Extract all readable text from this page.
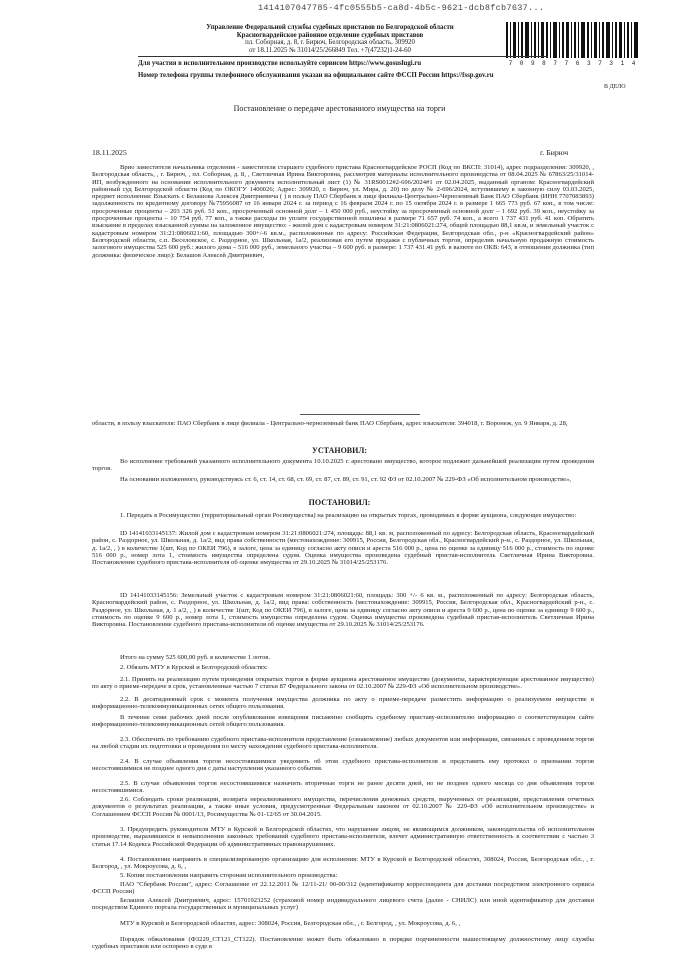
1414107047785-4fc0555b5-ca8d-4b5c-9621-dcb8fcb7637...
Управление Федеральной службы судебных приставов по Белгородской области
Красногвардейское районное отделение судебных приставов
пл. Соборная, д. 8, г. Бирюч, Белгородская область, 309920
от 18.11.2025 № 31014/25/266849 Тел. +7(47232)1-24-60
7 0 9 8 7 7 6 3 7 3 1 4
Для участия в исполнительном производстве используйте сервисом https://www.gosuslugi.ru
Номер телефона группы телефонного обслуживания указан на официальном сайте ФССП России https://fssp.gov.ru
В ДЕЛО
Постановление о передаче арестованного имущества на торги
18.11.2025	г. Бирюч
Врио заместителя начальника отделения - заместителя старшего судебного пристава Красногвардейское РОСП (Код по ВКСП: 31014), адрес подразделения: 309920, , Белгородская область, , г. Бирюч, , пл. Соборная, д. 8, , Светличная Ирина Викторовна, рассмотрев материалы исполнительного производства от 08.04.2025 № 67863/25/31014-ИП, возбужденного на основании исполнительного документа исполнительный лист (1) № 31RS0012#2-696/2024#1 от 02.04.2025, выданный органом: Красногвардейский районный суд Белгородской области (Код по ОКОГУ 1400026; Адрес: 309920, г. Бирюч, ул. Мира, д. 20) по делу № 2-696/2024, вступившему в законную силу 03.03.2025, предмет исполнения: Взыскать с Белашова Алексея Дмитриевича ( ) в пользу ПАО Сбербанк в лице филиала-Центрально-Черноземный Банк ПАО Сбербанк (ИНН 7707083893) задолженность по кредитному договору №75956087 от 16 января 2024 г. за период с 16 февраля 2024 г. по 15 октября 2024 г. в размере 1 665 773 руб. 67 коп., в том числе: просроченные проценты – 203 326 руб. 51 коп., просроченный основной долг – 1 450 000 руб., неустойку за просроченный основной долг – 1 692 руб. 39 коп., неустойку за просроченные проценты – 10 754 руб. 77 коп., а также расходы по уплате государственной пошлины в размере 71 657 руб. 74 коп., а всего 1 737 431 руб. 41 коп. Обратить взыскание в пределах взысканной суммы на заложенное имущество: - жилой дом с кадастровым номером 31:21:0806021:274, общей площадью 88,1 кв.м, и земельный участок с кадастровым номером 31:21:0806021:60, площадью 300+/-6 кв.м., расположенные по адресу: Российская Федерация, Белгородская обл., р-н «Красногвардейский район» Белгородской области, с.п. Веселовское, с. Раздорное, ул. Школьная, 1а/2, реализовав его путем продажи с публичных торгов, определив начальную продажную стоимость залогового имущества 525 600 руб.: жилого дома – 516 000 руб., земельного участка – 9 600 руб. в размере: 1 737 431.41 руб. в валюте по ОКВ: 643, в отношении должника (тип должника: физическое лицо): Белашов Алексей Дмитриевич,
области, в пользу взыскателя: ПАО Сбербанк в лице филиала - Центрально-черноземный банк ПАО Сбербанк, адрес взыскателя: 394018, г. Воронеж, ул. 9 Января, д. 28,
УСТАНОВИЛ:
Во исполнение требований указанного исполнительного документа 10.10.2025 г. арестовано имущество, которое подлежит дальнейшей реализации путем проведения торгов.
На основании изложенного, руководствуясь ст. 6, ст. 14, ст. 68, ст. 69, ст. 87, ст. 89, ст. 91, ст. 92 ФЗ от 02.10.2007 № 229-ФЗ «Об исполнительном производстве»,
ПОСТАНОВИЛ:
1. Передать в Росимущество (территориальный орган Росимущества) на реализацию на открытых торгах, проводимых в форме аукциона, следующее имущество:
ID 14141033145137: Жилой дом с кадастровым номером 31:21:0806021:274, площадь: 88,1 кв. м, расположенный по адресу: Белгородская область, Красногвардейский район, с. Раздорное, ул. Школьная, д. 1а/2, вид права собственности (местонахождение: 309915, Россия, Белгородская обл., Красногвардейский р-н., с. Раздорное, ул. Школьная, д. 1а/2, , ) в количестве 1(шт, Код по ОКЕИ 796), в залоге, цена за единицу согласно акту описи и ареста 516 000 р., цена по оценке за единицу 516 000 р., стоимость по оценке 516 000 р., номер лота 1, стоимость имущества определена судом. Оценка имущества произведена судебный пристав-исполнитель Светличная Ирина Викторовна. Постановление судебного пристава-исполнителя об оценке имущества от 29.10.2025 № 31014/25/253176.
ID 14141033145156: Земельный участок с кадастровым номером 31:21:0806021:60, площадь: 300 +/- 6 кв. м., расположенный по адресу: Белгородская область, Красногвардейский район, с. Раздорное, ул. Школьная, д. 1а/2, вид права: собственность (местонахождение: 309915, Россия, Белгородская обл., Красногвардейский р-н., с. Раздорное, ул. Школьная, д. 1 а/2, , ) в количестве 1(шт, Код по ОКЕИ 796), в залоге, цена за единицу согласно акту описи и ареста 9 600 р., цена по оценке за единицу 9 600 р., стоимость по оценке 9 600 р., номер лота 1, стоимость имущества определена судом. Оценка имущества произведена судебный пристав-исполнитель Светличная Ирина Викторовна. Постановление судебного пристава-исполнителя об оценке имущества от 29.10.2025 № 31014/25/253176.
Итого на сумму 525 600,00 руб. в количестве 1 лотов.
2. Обязать МТУ в Курской и Белгородской областях:
2.1. Принять на реализацию путем проведения открытых торгов в форме аукциона арестованное имущество (документы, характеризующие арестованное имущество) по акту о приеме-передаче в срок, установленные частью 7 статьи 87 Федерального закона от 02.10.2007 № 229-ФЗ «Об исполнительном производстве».
2.2. В десятидневный срок с момента получения имущества должника по акту о приеме-передаче разместить информацию о реализуемом имуществе в информационно-телекоммуникационных сетях общего пользования.
В течение семи рабочих дней после опубликования извещения письменно сообщить судебному приставу-исполнителю информацию о соответствующем сайте информационно-телекоммуникационных сетей общего пользования.
2.3. Обеспечить по требованию судебного пристава-исполнителя представление (ознакомление) любых документов или информации, связанных с проведением торгов на любой стадии их подготовки и проведения по месту нахождения судебного пристава-исполнителя.
2.4. В случае объявления торгов несостоявшимися уведомить об этом судебного пристава-исполнителя и представить ему протокол о признании торгов несостоявшимися не позднее одного дня с даты наступления указанного события.
2.5. В случае объявления торгов несостоявшимися назначить вторичные торги не ранее десяти дней, но не позднее одного месяца со дня объявления торгов несостоявшимися.
2.6. Соблюдать сроки реализации, возврата нереализованного имущества, перечисления денежных средств, вырученных от реализации, представления отчетных документов о результатах реализации, а также иные условия, предусмотренные Федеральным законом от 02.10.2007 № 229-ФЗ «Об исполнительном производстве» и Соглашением ФССП России № 0001/13, Росимущества № 01-12/65 от 30.04.2015.
3. Предупредить руководителя МТУ в Курской и Белгородской областях, что нарушение лицом, не являющимся должником, законодательства об исполнительном производстве, выразившееся в невыполнении законных требований судебного пристава-исполнителя, влечет административную ответственность в соответствии с частью 3 статьи 17.14 Кодекса Российской Федерации об административных правонарушениях.
4. Постановление направить в специализированную организацию для исполнения: МТУ в Курской и Белгородской областях, 308024, Россия, Белгородская обл., , г. Белгород, , ул. Мокроусова, д. 6, ,
5. Копии постановления направить сторонам исполнительного производства:
ПАО "Сбербанк России", адрес: Соглашение от 22.12.2011 № 12/11-21/ 90-00/312 (идентификатор корреспондента для доставки посредством электронного сервиса ФССП России)
Белашов Алексей Дмитриевич, адрес: 15701923252 (страховой номер индивидуального лицевого счета (далее - СНИЛС) или иной идентификатор для доставки посредством Единого портала государственных и муниципальных услуг)
МТУ в Курской и Белгородской областях, адрес: 308024, Россия, Белгородская обл., , г. Белгород, , ул. Мокроусова, д. 6, ,
Порядок обжалования (Ф3229_СТ121_СТ122). Постановление может быть обжаловано в порядке подчиненности вышестоящему должностному лицу службы судебных приставов или оспорено в суде в
